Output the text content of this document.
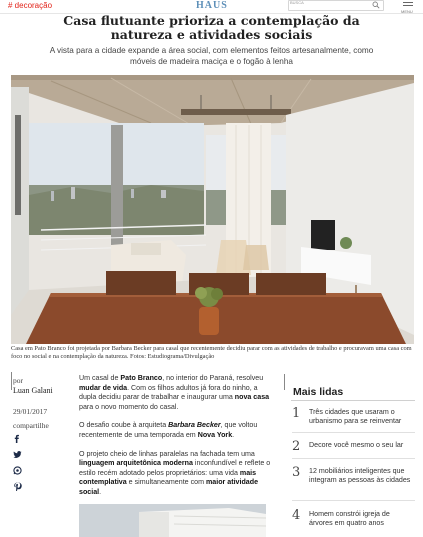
# decoração	HAUS	BUSCA
MENU
Casa flutuante prioriza a contemplação da natureza e atividades sociais

A vista para a cidade expande a área social, com elementos feitos artesanalmente, como móveis de madeira maciça e o fogão à lenha

Casa em Pato Branco foi projetada por Barbara Becker para casal que recentemente decidiu parar com as atividades de trabalho e procuravam uma casa com foco no social e na contemplação da natureza. Fotos: Estudiograma/Divulgação

por
Luan Galani
29/01/2017
compartilhe

Um casal de Pato Branco, no interior do Paraná, resolveu mudar de vida. Com os filhos adultos já fora do ninho, a dupla decidiu parar de trabalhar e inaugurar uma nova casa para o novo momento do casal.

O desafio coube à arquiteta Barbara Becker, que voltou recentemente de uma temporada em Nova York.

O projeto cheio de linhas paralelas na fachada tem uma linguagem arquitetônica moderna inconfundível e reflete o estilo recém adotado pelos proprietários: uma vida mais contemplativa e simultaneamente com maior atividade social.

Mais lidas
1 Três cidades que usaram o urbanismo para se reinventar
2 Decore você mesmo o seu lar
3 12 mobiliários inteligentes que integram as pessoas às cidades
4 Homem constrói igreja de árvores em quatro anos
